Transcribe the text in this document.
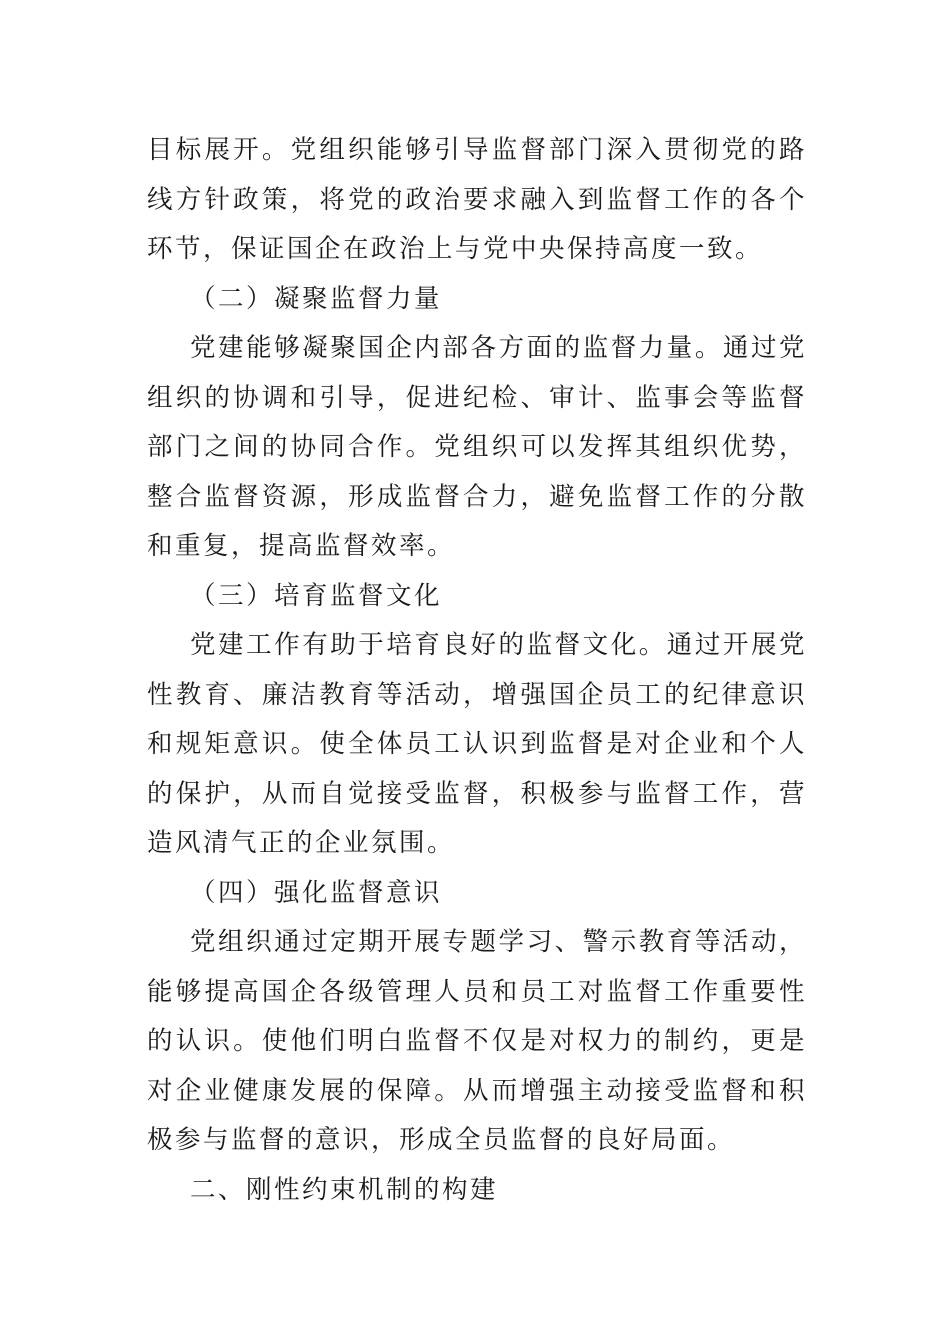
目标展开。党组织能够引导监督部门深入贯彻党的路线方针政策，将党的政治要求融入到监督工作的各个环节，保证国企在政治上与党中央保持高度一致。

（二）凝聚监督力量

党建能够凝聚国企内部各方面的监督力量。通过党组织的协调和引导，促进纪检、审计、监事会等监督部门之间的协同合作。党组织可以发挥其组织优势，整合监督资源，形成监督合力，避免监督工作的分散和重复，提高监督效率。

（三）培育监督文化

党建工作有助于培育良好的监督文化。通过开展党性教育、廉洁教育等活动，增强国企员工的纪律意识和规矩意识。使全体员工认识到监督是对企业和个人的保护，从而自觉接受监督，积极参与监督工作，营造风清气正的企业氛围。

（四）强化监督意识

党组织通过定期开展专题学习、警示教育等活动，能够提高国企各级管理人员和员工对监督工作重要性的认识。使他们明白监督不仅是对权力的制约，更是对企业健康发展的保障。从而增强主动接受监督和积极参与监督的意识，形成全员监督的良好局面。

二、刚性约束机制的构建
